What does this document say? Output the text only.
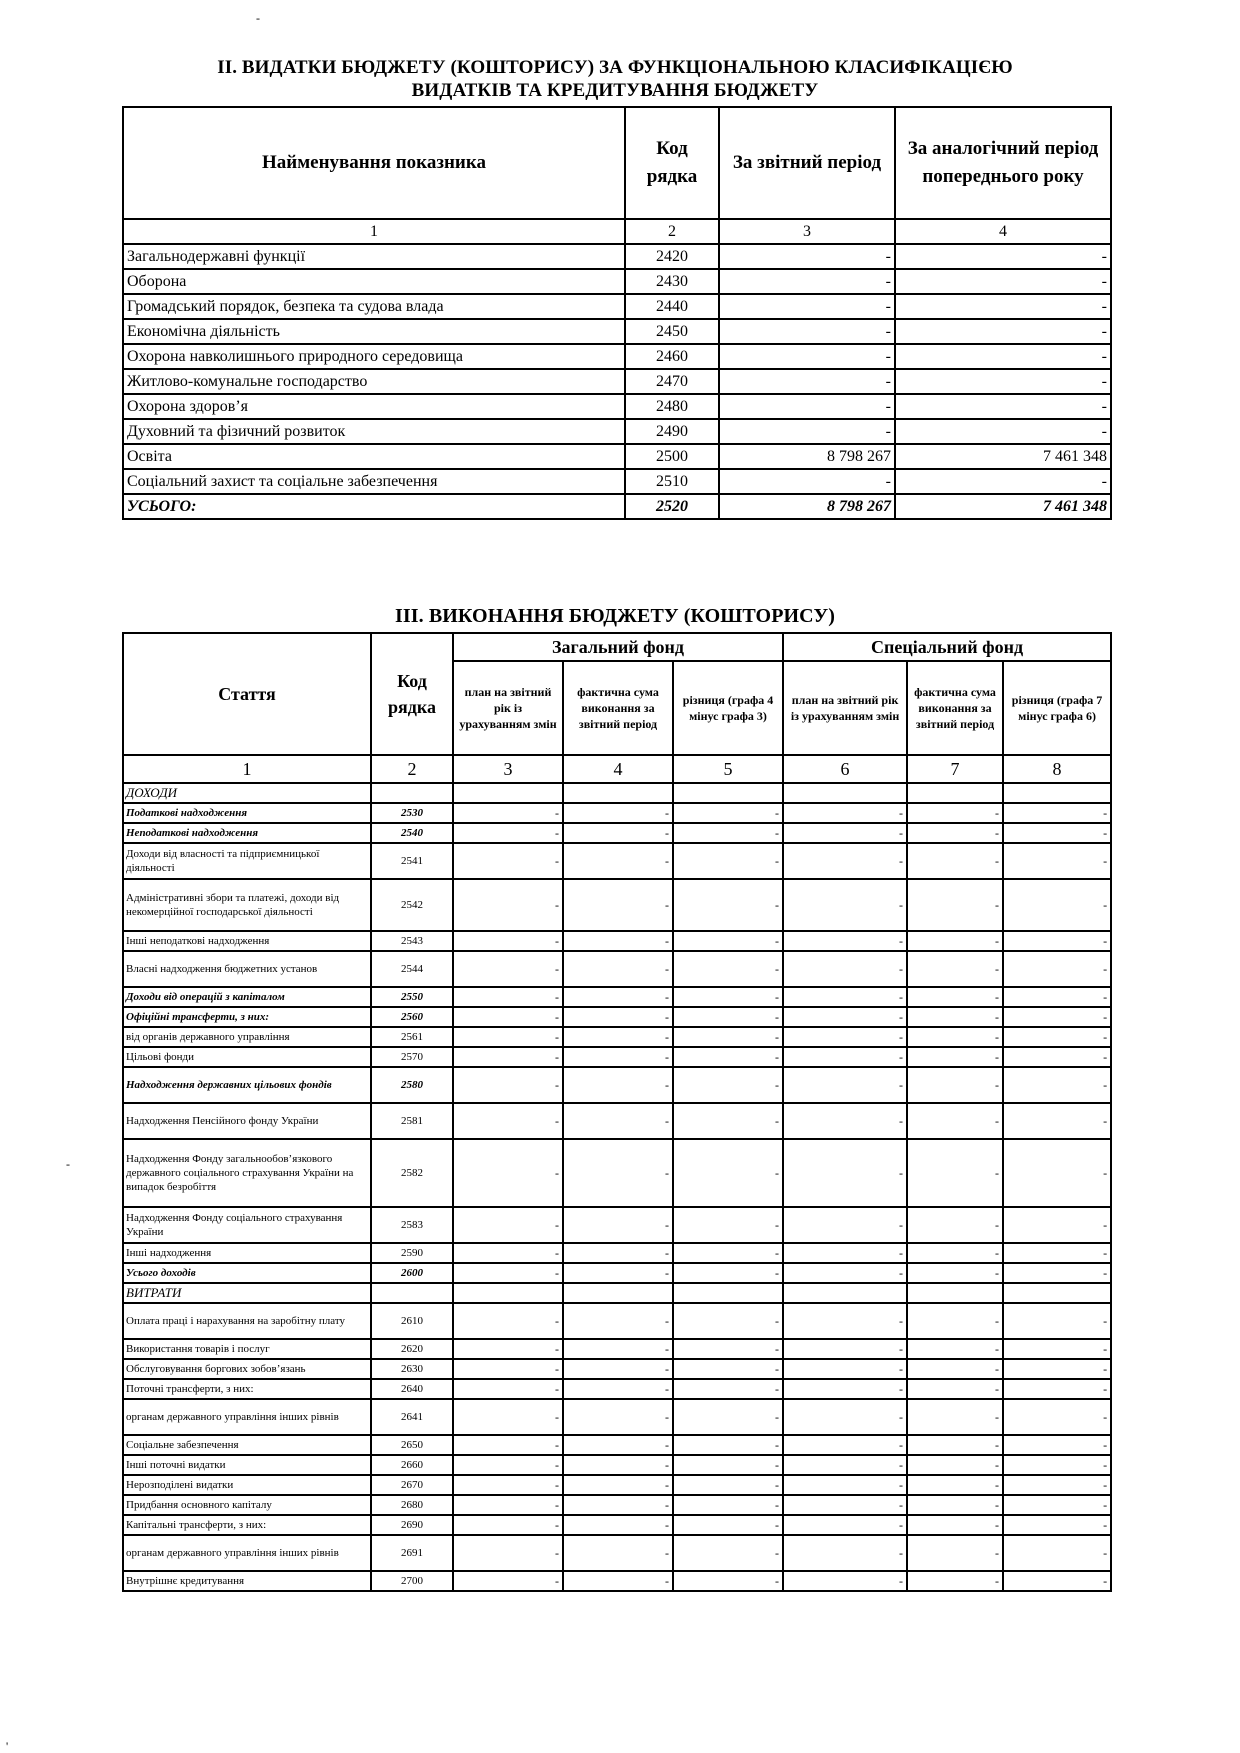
-
-
'
II. ВИДАТКИ БЮДЖЕТУ (КОШТОРИСУ) ЗА ФУНКЦІОНАЛЬНОЮ КЛАСИФІКАЦІЄЮ
ВИДАТКІВ ТА КРЕДИТУВАННЯ БЮДЖЕТУ
Найменування показника	Код рядка	За звітний період	За аналогічний період попереднього року
1	2	3	4
Загальнодержавні функції	2420	-	-
Оборона	2430	-	-
Громадський порядок, безпека та судова влада	2440	-	-
Економічна діяльність	2450	-	-
Охорона навколишнього природного середовища	2460	-	-
Житлово-комунальне господарство	2470	-	-
Охорона здоров’я	2480	-	-
Духовний та фізичний розвиток	2490	-	-
Освіта	2500	8 798 267	7 461 348
Соціальний захист та соціальне забезпечення	2510	-	-
УСЬОГО:	2520	8 798 267	7 461 348
III. ВИКОНАННЯ БЮДЖЕТУ (КОШТОРИСУ)
Стаття	Код рядка	Загальний фонд			Спеціальний фонд		
		план на звітний рік із урахуванням змін	фактична сума виконання за звітний період	різниця (графа 4 мінус графа 3)	план на звітний рік із урахуванням змін	фактична сума виконання за звітний період	різниця (графа 7 мінус графа 6)
1	2	3	4	5	6	7	8
ДОХОДИ							
Податкові надходження	2530	-	-	-	-	-	-
Неподаткові надходження	2540	-	-	-	-	-	-
Доходи від власності та підприємницької діяльності	2541	-	-	-	-	-	-
Адміністративні збори та платежі, доходи від некомерційної господарської діяльності	2542	-	-	-	-	-	-
Інші неподаткові надходження	2543	-	-	-	-	-	-
Власні надходження бюджетних установ	2544	-	-	-	-	-	-
Доходи від операцій з капіталом	2550	-	-	-	-	-	-
Офіційні трансферти, з них:	2560	-	-	-	-	-	-
від органів державного управління	2561	-	-	-	-	-	-
Цільові фонди	2570	-	-	-	-	-	-
Надходження державних цільових фондів	2580	-	-	-	-	-	-
Надходження Пенсійного фонду України	2581	-	-	-	-	-	-
Надходження Фонду загальнообов’язкового державного соціального страхування України на випадок безробіття	2582	-	-	-	-	-	-
Надходження Фонду соціального страхування України	2583	-	-	-	-	-	-
Інші надходження	2590	-	-	-	-	-	-
Усього доходів	2600	-	-	-	-	-	-
ВИТРАТИ							
Оплата праці і нарахування на заробітну плату	2610	-	-	-	-	-	-
Використання товарів і послуг	2620	-	-	-	-	-	-
Обслуговування боргових зобов’язань	2630	-	-	-	-	-	-
Поточні трансферти, з них:	2640	-	-	-	-	-	-
органам державного управління інших рівнів	2641	-	-	-	-	-	-
Соціальне забезпечення	2650	-	-	-	-	-	-
Інші поточні видатки	2660	-	-	-	-	-	-
Нерозподілені видатки	2670	-	-	-	-	-	-
Придбання основного капіталу	2680	-	-	-	-	-	-
Капітальні трансферти, з них:	2690	-	-	-	-	-	-
органам державного управління інших рівнів	2691	-	-	-	-	-	-
Внутрішнє кредитування	2700	-	-	-	-	-	-
